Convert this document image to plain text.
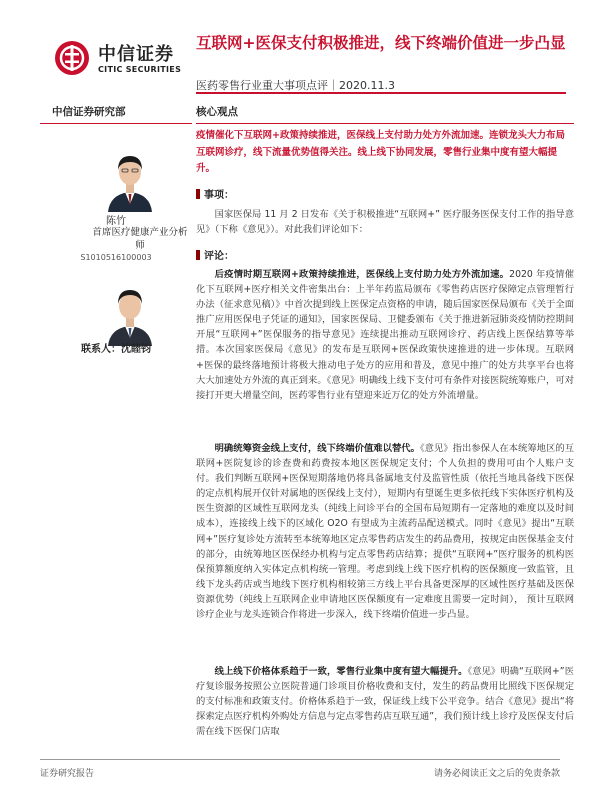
中信证券
CITIC SECURITIES
互联网+医保支付积极推进，线下终端价值进一步凸显
医药零售行业重大事项点评｜2020.11.3
中信证券研究部
陈竹
首席医疗健康产业分析师
S1010516100003
联系人：沈睦钧
核心观点
疫情催化下互联网+政策持续推进，医保线上支付助力处方外流加速。连锁龙头大力布局互联网诊疗，线下流量优势值得关注。线上线下协同发展，零售行业集中度有望大幅提升。
事项：
国家医保局 11 月 2 日发布《关于积极推进“互联网+” 医疗服务医保支付工作的指导意见》（下称《意见》）。对此我们评论如下：
评论：
后疫情时期互联网+政策持续推进，医保线上支付助力处方外流加速。2020 年疫情催化下互联网+医疗相关文件密集出台：上半年药监局颁布《零售药店医疗保障定点管理暂行办法（征求意见稿）》中首次提到线上医保定点资格的申请，随后国家医保局颁布《关于全面推广应用医保电子凭证的通知》，国家医保局、卫健委颁布《关于推进新冠肺炎疫情防控期间开展“互联网+”医保服务的指导意见》连续提出推动互联网诊疗、药店线上医保结算等举措。本次国家医保局《意见》的发布是互联网+医保政策快速推进的进一步体现。互联网+医保的最终落地预计将极大推动电子处方的应用和普及，意见中推广的处方共享平台也将大大加速处方外流的真正到来。《意见》明确线上线下支付可有条件对接医院统筹账户，可对接打开更大增量空间，医药零售行业有望迎来近万亿的处方外流增量。
明确统筹资金线上支付，线下终端价值难以替代。《意见》指出参保人在本统筹地区的互联网+医院复诊的诊查费和药费按本地区医保规定支付；个人负担的费用可由个人账户支付。我们判断互联网+医保短期落地仍将具备属地支付及监管性质（依托当地具备线下医保的定点机构展开仅针对属地的医保线上支付），短期内有望诞生更多依托线下实体医疗机构及医生资源的区域性互联网龙头（纯线上问诊平台的全国布局短期有一定落地的难度以及时间成本），连接线上线下的区域化 O2O 有望成为主流药品配送模式。同时《意见》提出“互联网+”医疗复诊处方流转至本统筹地区定点零售药店发生的药品费用，按规定由医保基金支付的部分，由统筹地区医保经办机构与定点零售药店结算；提供“互联网+”医疗服务的机构医保预算额度纳入实体定点机构统一管理。考虑到线上线下医疗机构的医保额度一致监管，且线下龙头药店或当地线下医疗机构相较第三方线上平台具备更深厚的区域性医疗基础及医保资源优势（纯线上互联网企业申请地区医保额度有一定难度且需要一定时间）， 预计互联网诊疗企业与龙头连锁合作将进一步深入，线下终端价值进一步凸显。
线上线下价格体系趋于一致，零售行业集中度有望大幅提升。《意见》明确“互联网+”医疗复诊服务按照公立医院普通门诊项目价格收费和支付，发生的药品费用比照线下医保规定的支付标准和政策支付。价格体系趋于一致，保证线上线下公平竞争。结合《意见》提出“将探索定点医疗机构外购处方信息与定点零售药店互联互通”，我们预计线上诊疗及医保支付后需在线下医保门店取
证券研究报告	请务必阅读正文之后的免责条款
